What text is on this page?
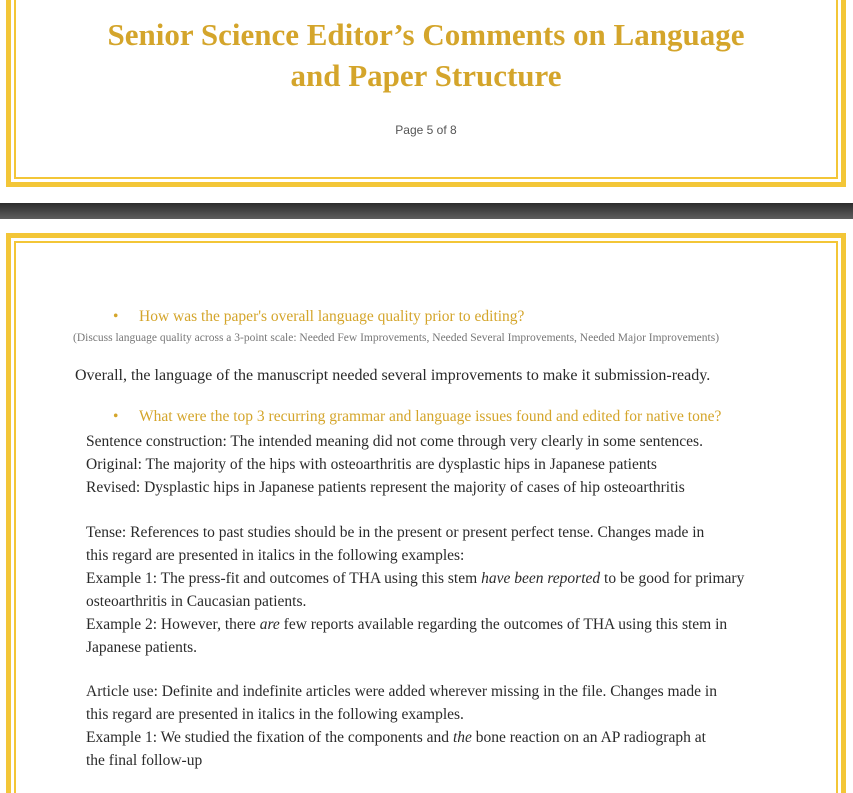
Senior Science Editor’s Comments on Language
and Paper Structure
Page 5 of 8
• How was the paper's overall language quality prior to editing?
(Discuss language quality across a 3-point scale: Needed Few Improvements, Needed Several Improvements, Needed Major Improvements)
Overall, the language of the manuscript needed several improvements to make it submission-ready.
• What were the top 3 recurring grammar and language issues found and edited for native tone?
Sentence construction: The intended meaning did not come through very clearly in some sentences.
Original: The majority of the hips with osteoarthritis are dysplastic hips in Japanese patients
Revised: Dysplastic hips in Japanese patients represent the majority of cases of hip osteoarthritis
Tense: References to past studies should be in the present or present perfect tense. Changes made in
this regard are presented in italics in the following examples:
Example 1: The press-fit and outcomes of THA using this stem have been reported to be good for primary
osteoarthritis in Caucasian patients.
Example 2: However, there are few reports available regarding the outcomes of THA using this stem in
Japanese patients.
Article use: Definite and indefinite articles were added wherever missing in the file. Changes made in
this regard are presented in italics in the following examples.
Example 1: We studied the fixation of the components and the bone reaction on an AP radiograph at
the final follow-up
